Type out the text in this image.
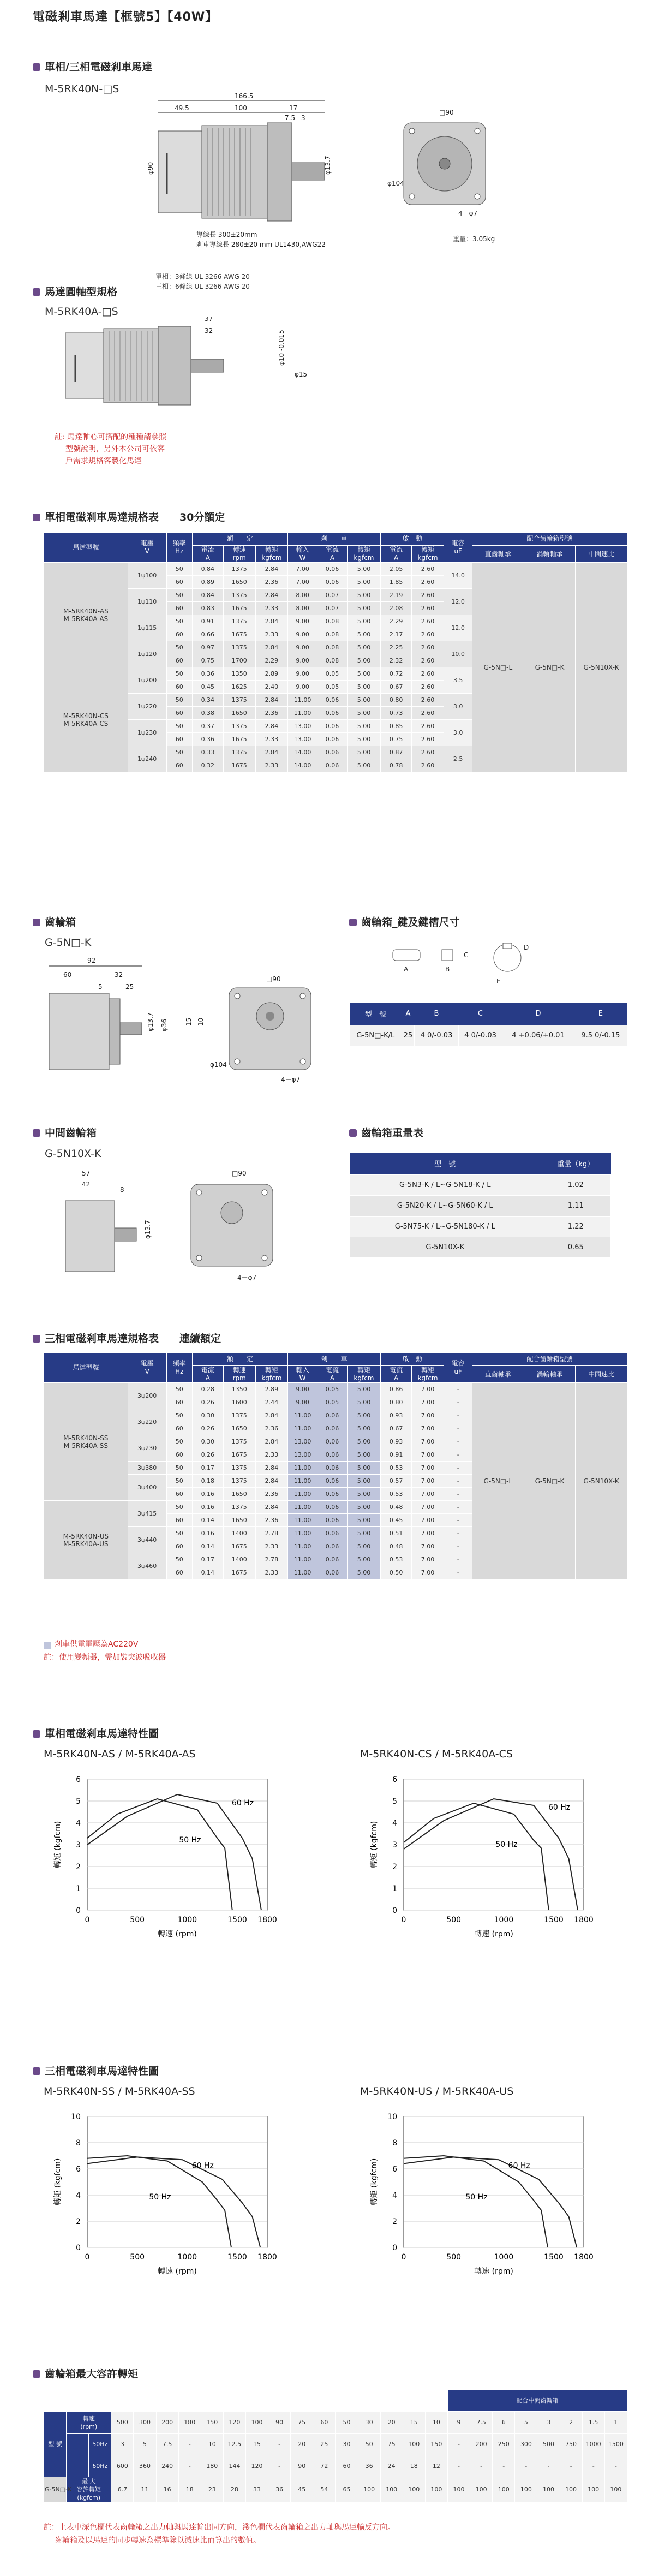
電磁剎車馬達【框號5】【40W】
單相/三相電磁剎車馬達
M-5RK40N-□S
166.5
49.5	100	17
7.5 3
φ90	φ13.7
導線長 300±20mm
剎車導線長 280±20 mm UL1430,AWG22
□90
φ104
4－φ7
重量：3.05kg
馬達圓軸型規格
M-5RK40A-□S
單相：3條線 UL 3266 AWG 20
三相：6條線 UL 3266 AWG 20
37
32	φ10 -0.015
φ15
註: 馬達軸心可搭配的種種請參照
型號說明，另外本公司可依客
戶需求規格客製化馬達
單相電磁剎車馬達規格表　　 30分額定
馬達型號	電壓
V	頻率
Hz	額　　定			剎　　車			啟　動		電容
uF	配合齒輪箱型號		
			電流
A	轉速
rpm	轉矩
kgfcm	輸入
W	電流
A	轉矩
kgfcm	電流
A	轉矩
kgfcm		直齒軸承	渦輪軸承	中間速比

M-5RK40N-AS
M-5RK40A-AS	1ψ100	50	0.84	1375	2.84	7.00	0.06	5.00	2.05	2.60	14.0	G-5N□-L	G-5N□-K	G-5N10X-K
		60	0.89	1650	2.36	7.00	0.06	5.00	1.85	2.60				
	1ψ110	50	0.84	1375	2.84	8.00	0.07	5.00	2.19	2.60	12.0			
		60	0.83	1675	2.33	8.00	0.07	5.00	2.08	2.60				
	1ψ115	50	0.91	1375	2.84	9.00	0.08	5.00	2.29	2.60	12.0			
		60	0.66	1675	2.33	9.00	0.08	5.00	2.17	2.60				
	1ψ120	50	0.97	1375	2.84	9.00	0.08	5.00	2.25	2.60	10.0			
		60	0.75	1700	2.29	9.00	0.08	5.00	2.32	2.60				

M-5RK40N-CS
M-5RK40A-CS	1ψ200	50	0.36	1350	2.89	9.00	0.05	5.00	0.72	2.60	3.5			
		60	0.45	1625	2.40	9.00	0.05	5.00	0.67	2.60				
	1ψ220	50	0.34	1375	2.84	11.00	0.06	5.00	0.80	2.60	3.0			
		60	0.38	1650	2.36	11.00	0.06	5.00	0.73	2.60				
	1ψ230	50	0.37	1375	2.84	13.00	0.06	5.00	0.85	2.60	3.0			
		60	0.36	1675	2.33	13.00	0.06	5.00	0.75	2.60				
	1ψ240	50	0.33	1375	2.84	14.00	0.06	5.00	0.87	2.60	2.5			
		60	0.32	1675	2.33	14.00	0.06	5.00	0.78	2.60				
齒輪箱
G-5N□-K
92
60	32
25
5
φ13.7 φ36	15 10
□90
φ104
4－φ7
齒輪箱_鍵及鍵槽尺寸
A	B
C
D
E
型　號	A	B	C	D	E
G-5N□-K/L	25	4 0/-0.03	4 0/-0.03	4 +0.06/+0.01	9.5 0/-0.15
中間齒輪箱
G-5N10X-K
57
42
8
φ13.7
□90
4－φ7
齒輪箱重量表
型　號	重量（kg）
G-5N3-K / L~G-5N18-K / L	1.02
G-5N20-K / L~G-5N60-K / L	1.11
G-5N75-K / L~G-5N180-K / L	1.22
G-5N10X-K	0.65
三相電磁剎車馬達規格表　　 連續額定
馬達型號	電壓
V	頻率
Hz	額　　定			剎　　車			啟　動		電容
uF	配合齒輪箱型號		
			電流
A	轉速
rpm	轉矩
kgfcm	輸入
W	電流
A	轉矩
kgfcm	電流
A	轉矩
kgfcm		直齒軸承	渦輪軸承	中間速比

M-5RK40N-SS
M-5RK40A-SS	3ψ200	50	0.28	1350	2.89	9.00	0.05	5.00	0.86	7.00	-	G-5N□-L	G-5N□-K	G-5N10X-K
		60	0.26	1600	2.44	9.00	0.05	5.00	0.80	7.00	-			
	3ψ220	50	0.30	1375	2.84	11.00	0.06	5.00	0.93	7.00	-			
		60	0.26	1650	2.36	11.00	0.06	5.00	0.67	7.00	-			
	3ψ230	50	0.30	1375	2.84	13.00	0.06	5.00	0.93	7.00	-			
		60	0.26	1675	2.33	13.00	0.06	5.00	0.91	7.00	-			
	3ψ380	50	0.17	1375	2.84	11.00	0.06	5.00	0.53	7.00	-			
	3ψ400	50	0.18	1375	2.84	11.00	0.06	5.00	0.57	7.00	-			
		60	0.16	1650	2.36	11.00	0.06	5.00	0.53	7.00	-			

M-5RK40N-US
M-5RK40A-US	3ψ415	50	0.16	1375	2.84	11.00	0.06	5.00	0.48	7.00	-			
		60	0.14	1650	2.36	11.00	0.06	5.00	0.45	7.00	-			
	3ψ440	50	0.16	1400	2.78	11.00	0.06	5.00	0.51	7.00	-			
		60	0.14	1675	2.33	11.00	0.06	5.00	0.48	7.00	-			
	3ψ460	50	0.17	1400	2.78	11.00	0.06	5.00	0.53	7.00	-			
		60	0.14	1675	2.33	11.00	0.06	5.00	0.50	7.00	-			
剎車供電電壓為AC220V
註：使用變頻器，需加裝突波吸收器
單相電磁剎車馬達特性圖
M-5RK40N-AS / M-5RK40A-AS	M-5RK40N-CS / M-5RK40A-CS
0
1
2
3
4
5
6
0	500	1000	1500 1800
轉矩 (kgfcm)
轉速 (rpm)
50 Hz
60 Hz
0
1
2
3
4
5
6
0	500	1000	1500 1800
轉矩 (kgfcm)
轉速 (rpm)
50 Hz
60 Hz
三相電磁剎車馬達特性圖
M-5RK40N-SS / M-5RK40A-SS	M-5RK40N-US / M-5RK40A-US
0
2
4
6
8
10
0	500	1000	1500 1800
轉矩 (kgfcm)
轉速 (rpm)
50 Hz
60 Hz
0
2
4
6
8
10
0	500	1000	1500 1800
轉矩 (kgfcm)
轉速 (rpm)
50 Hz
60 Hz
齒輪箱最大容許轉矩
																		配合中間齒輪箱							
型 號	轉速
(rpm)		500	300	200	180	150	120	100	90	75	60	50	30	20	15	10	9	7.5	6	5	3	2	1.5	1
		50Hz	3	5	7.5	-	10	12.5	15	-	20	25	30	50	75	100	150	-	200	250	300	500	750	1000	1500
		60Hz	600	360	240	-	180	144	120	-	90	72	60	36	24	18	12	-	-	-	-	-	-	-	-
G-5N□-K	最 大
容許轉矩
(kgfcm)		6.7	11	16	18	23	28	33	36	45	54	65	100	100	100	100	100	100	100	100	100	100	100	100
註：上表中深色欄代表齒輪箱之出力軸與馬達輸出同方向，淺色欄代表齒輪箱之出力軸與馬達輸反方向。
齒輪箱及以馬達的同步轉速為標準除以減速比而算出的數值。
